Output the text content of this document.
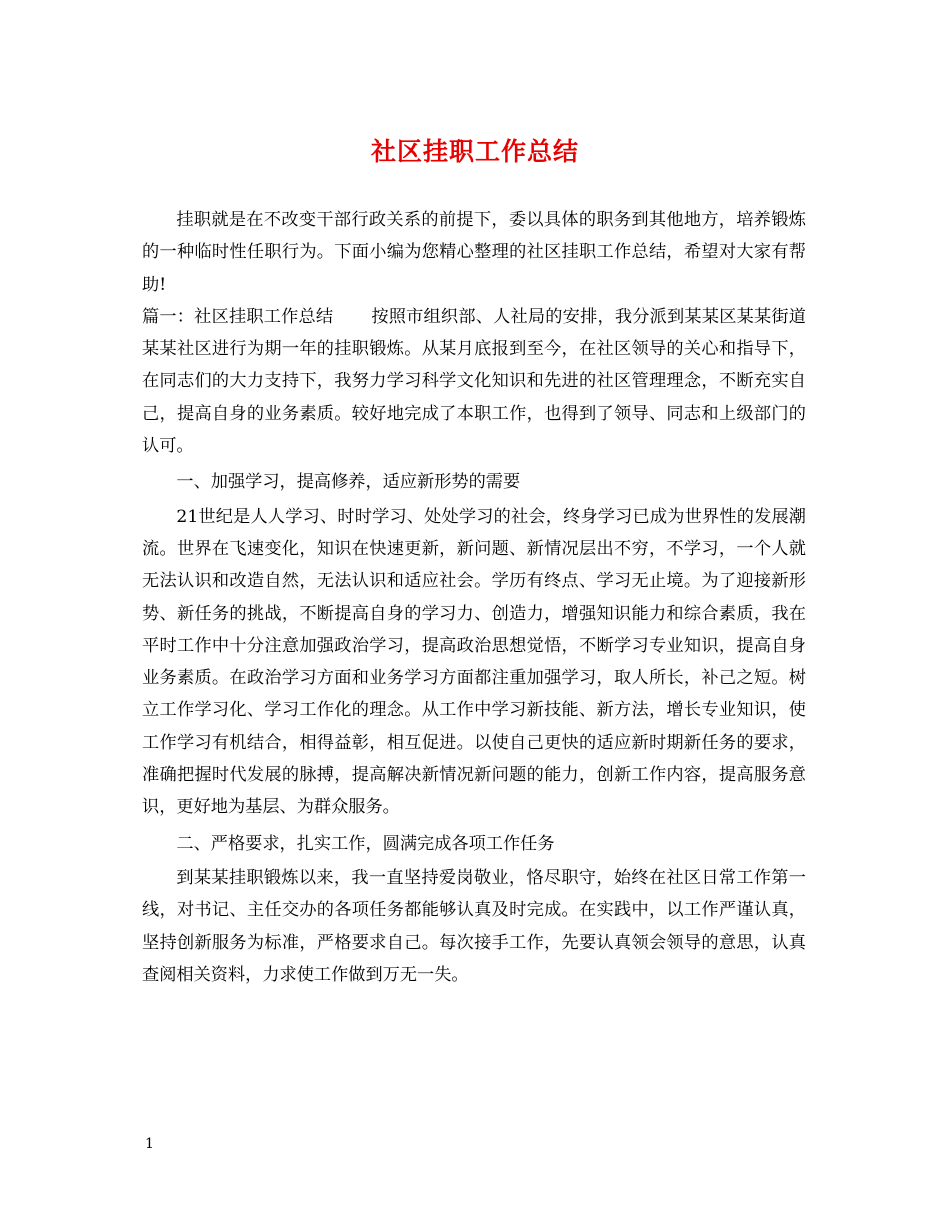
社区挂职工作总结

挂职就是在不改变干部行政关系的前提下，委以具体的职务到其他地方，培养锻炼的一种临时性任职行为。下面小编为您精心整理的社区挂职工作总结，希望对大家有帮助!

篇一：社区挂职工作总结 按照市组织部、人社局的安排，我分派到某某区某某街道某某社区进行为期一年的挂职锻炼。从某月底报到至今，在社区领导的关心和指导下，在同志们的大力支持下，我努力学习科学文化知识和先进的社区管理理念，不断充实自己，提高自身的业务素质。较好地完成了本职工作，也得到了领导、同志和上级部门的认可。

一、加强学习，提高修养，适应新形势的需要

21世纪是人人学习、时时学习、处处学习的社会，终身学习已成为世界性的发展潮流。世界在飞速变化，知识在快速更新，新问题、新情况层出不穷，不学习，一个人就无法认识和改造自然，无法认识和适应社会。学历有终点、学习无止境。为了迎接新形势、新任务的挑战，不断提高自身的学习力、创造力，增强知识能力和综合素质，我在平时工作中十分注意加强政治学习，提高政治思想觉悟，不断学习专业知识，提高自身业务素质。在政治学习方面和业务学习方面都注重加强学习，取人所长，补己之短。树立工作学习化、学习工作化的理念。从工作中学习新技能、新方法，增长专业知识，使工作学习有机结合，相得益彰，相互促进。以使自己更快的适应新时期新任务的要求，准确把握时代发展的脉搏，提高解决新情况新问题的能力，创新工作内容，提高服务意识，更好地为基层、为群众服务。

二、严格要求，扎实工作，圆满完成各项工作任务

到某某挂职锻炼以来，我一直坚持爱岗敬业，恪尽职守，始终在社区日常工作第一线，对书记、主任交办的各项任务都能够认真及时完成。在实践中，以工作严谨认真，坚持创新服务为标准，严格要求自己。每次接手工作，先要认真领会领导的意思，认真查阅相关资料，力求使工作做到万无一失。

1
